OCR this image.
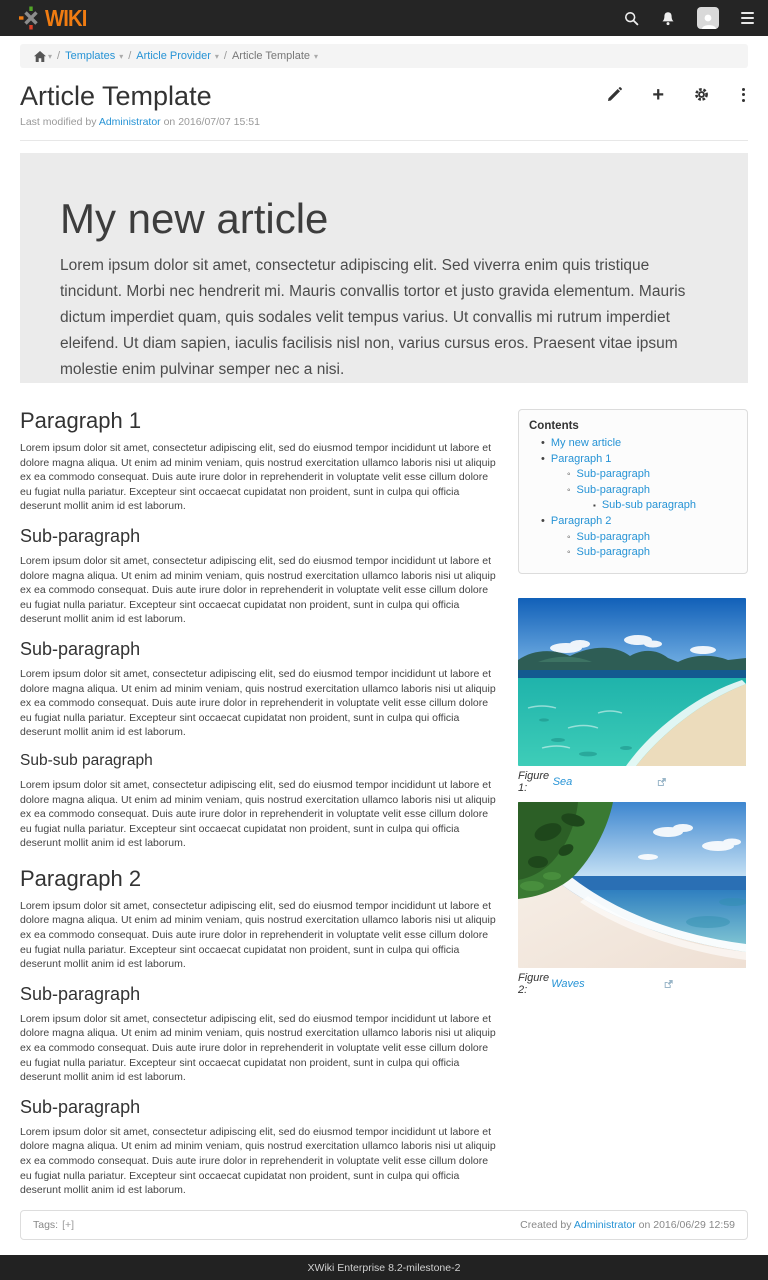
WIKI
▾ / Templates ▾ / Article Provider ▾ / Article Template ▾
Article Template	+
Last modified by Administrator on 2016/07/07 15:51
My new article

Lorem ipsum dolor sit amet, consectetur adipiscing elit. Sed viverra enim quis tristique tincidunt. Morbi nec hendrerit mi. Mauris convallis tortor et justo gravida elementum. Mauris dictum imperdiet quam, quis sodales velit tempus varius. Ut convallis mi rutrum imperdiet eleifend. Ut diam sapien, iaculis facilisis nisl non, varius cursus eros. Praesent vitae ipsum molestie enim pulvinar semper nec a nisi.

Paragraph 1

Lorem ipsum dolor sit amet, consectetur adipiscing elit, sed do eiusmod tempor incididunt ut labore et dolore magna aliqua. Ut enim ad minim veniam, quis nostrud exercitation ullamco laboris nisi ut aliquip ex ea commodo consequat. Duis aute irure dolor in reprehenderit in voluptate velit esse cillum dolore eu fugiat nulla pariatur. Excepteur sint occaecat cupidatat non proident, sunt in culpa qui officia deserunt mollit anim id est laborum.

Sub-paragraph

Lorem ipsum dolor sit amet, consectetur adipiscing elit, sed do eiusmod tempor incididunt ut labore et dolore magna aliqua. Ut enim ad minim veniam, quis nostrud exercitation ullamco laboris nisi ut aliquip ex ea commodo consequat. Duis aute irure dolor in reprehenderit in voluptate velit esse cillum dolore eu fugiat nulla pariatur. Excepteur sint occaecat cupidatat non proident, sunt in culpa qui officia deserunt mollit anim id est laborum.

Sub-paragraph

Lorem ipsum dolor sit amet, consectetur adipiscing elit, sed do eiusmod tempor incididunt ut labore et dolore magna aliqua. Ut enim ad minim veniam, quis nostrud exercitation ullamco laboris nisi ut aliquip ex ea commodo consequat. Duis aute irure dolor in reprehenderit in voluptate velit esse cillum dolore eu fugiat nulla pariatur. Excepteur sint occaecat cupidatat non proident, sunt in culpa qui officia deserunt mollit anim id est laborum.

Sub-sub paragraph

Lorem ipsum dolor sit amet, consectetur adipiscing elit, sed do eiusmod tempor incididunt ut labore et dolore magna aliqua. Ut enim ad minim veniam, quis nostrud exercitation ullamco laboris nisi ut aliquip ex ea commodo consequat. Duis aute irure dolor in reprehenderit in voluptate velit esse cillum dolore eu fugiat nulla pariatur. Excepteur sint occaecat cupidatat non proident, sunt in culpa qui officia deserunt mollit anim id est laborum.

Paragraph 2

Lorem ipsum dolor sit amet, consectetur adipiscing elit, sed do eiusmod tempor incididunt ut labore et dolore magna aliqua. Ut enim ad minim veniam, quis nostrud exercitation ullamco laboris nisi ut aliquip ex ea commodo consequat. Duis aute irure dolor in reprehenderit in voluptate velit esse cillum dolore eu fugiat nulla pariatur. Excepteur sint occaecat cupidatat non proident, sunt in culpa qui officia deserunt mollit anim id est laborum.

Sub-paragraph

Lorem ipsum dolor sit amet, consectetur adipiscing elit, sed do eiusmod tempor incididunt ut labore et dolore magna aliqua. Ut enim ad minim veniam, quis nostrud exercitation ullamco laboris nisi ut aliquip ex ea commodo consequat. Duis aute irure dolor in reprehenderit in voluptate velit esse cillum dolore eu fugiat nulla pariatur. Excepteur sint occaecat cupidatat non proident, sunt in culpa qui officia deserunt mollit anim id est laborum.

Sub-paragraph

Lorem ipsum dolor sit amet, consectetur adipiscing elit, sed do eiusmod tempor incididunt ut labore et dolore magna aliqua. Ut enim ad minim veniam, quis nostrud exercitation ullamco laboris nisi ut aliquip ex ea commodo consequat. Duis aute irure dolor in reprehenderit in voluptate velit esse cillum dolore eu fugiat nulla pariatur. Excepteur sint occaecat cupidatat non proident, sunt in culpa qui officia deserunt mollit anim id est laborum.

Contents
• My new article
• Paragraph 1
◦ Sub-paragraph
◦ Sub-paragraph
▪ Sub-sub paragraph
• Paragraph 2
◦ Sub-paragraph
◦ Sub-paragraph
Figure 1:	Sea
Figure 2:	Waves
Tags: [+]	Created by Administrator on 2016/06/29 12:59
XWiki Enterprise 8.2-milestone-2
